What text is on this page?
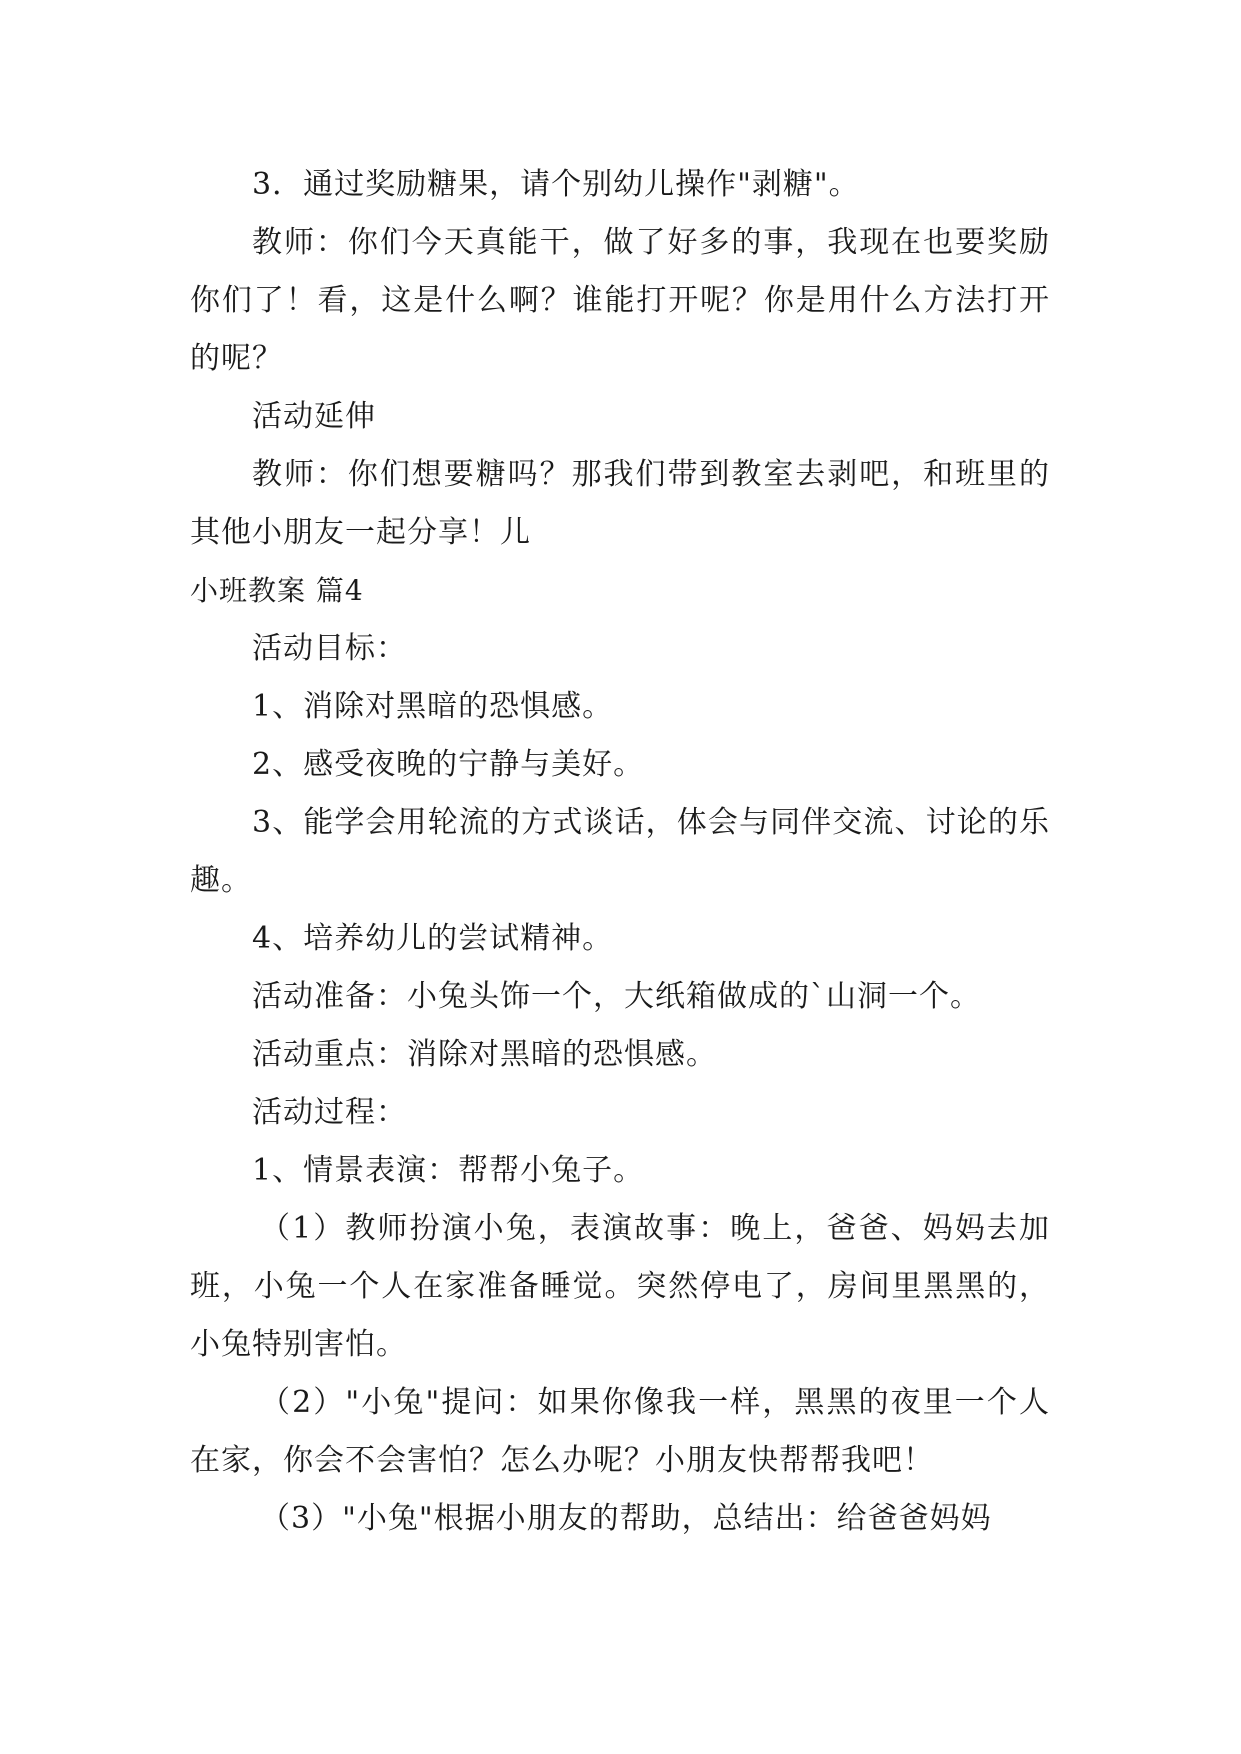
3．通过奖励糖果，请个别幼儿操作"剥糖"。

教师：你们今天真能干，做了好多的事，我现在也要奖励你们了！看，这是什么啊？谁能打开呢？你是用什么方法打开的呢？

活动延伸

教师：你们想要糖吗？那我们带到教室去剥吧，和班里的其他小朋友一起分享！儿

小班教案 篇4

活动目标：

1、消除对黑暗的恐惧感。

2、感受夜晚的宁静与美好。

3、能学会用轮流的方式谈话，体会与同伴交流、讨论的乐趣。

4、培养幼儿的尝试精神。

活动准备：小兔头饰一个，大纸箱做成的`山洞一个。

活动重点：消除对黑暗的恐惧感。

活动过程：

1、情景表演：帮帮小兔子。

（1）教师扮演小兔，表演故事：晚上，爸爸、妈妈去加班，小兔一个人在家准备睡觉。突然停电了，房间里黑黑的，小兔特别害怕。

（2）"小兔"提问：如果你像我一样，黑黑的夜里一个人在家，你会不会害怕？怎么办呢？小朋友快帮帮我吧！

（3）"小兔"根据小朋友的帮助，总结出：给爸爸妈妈
